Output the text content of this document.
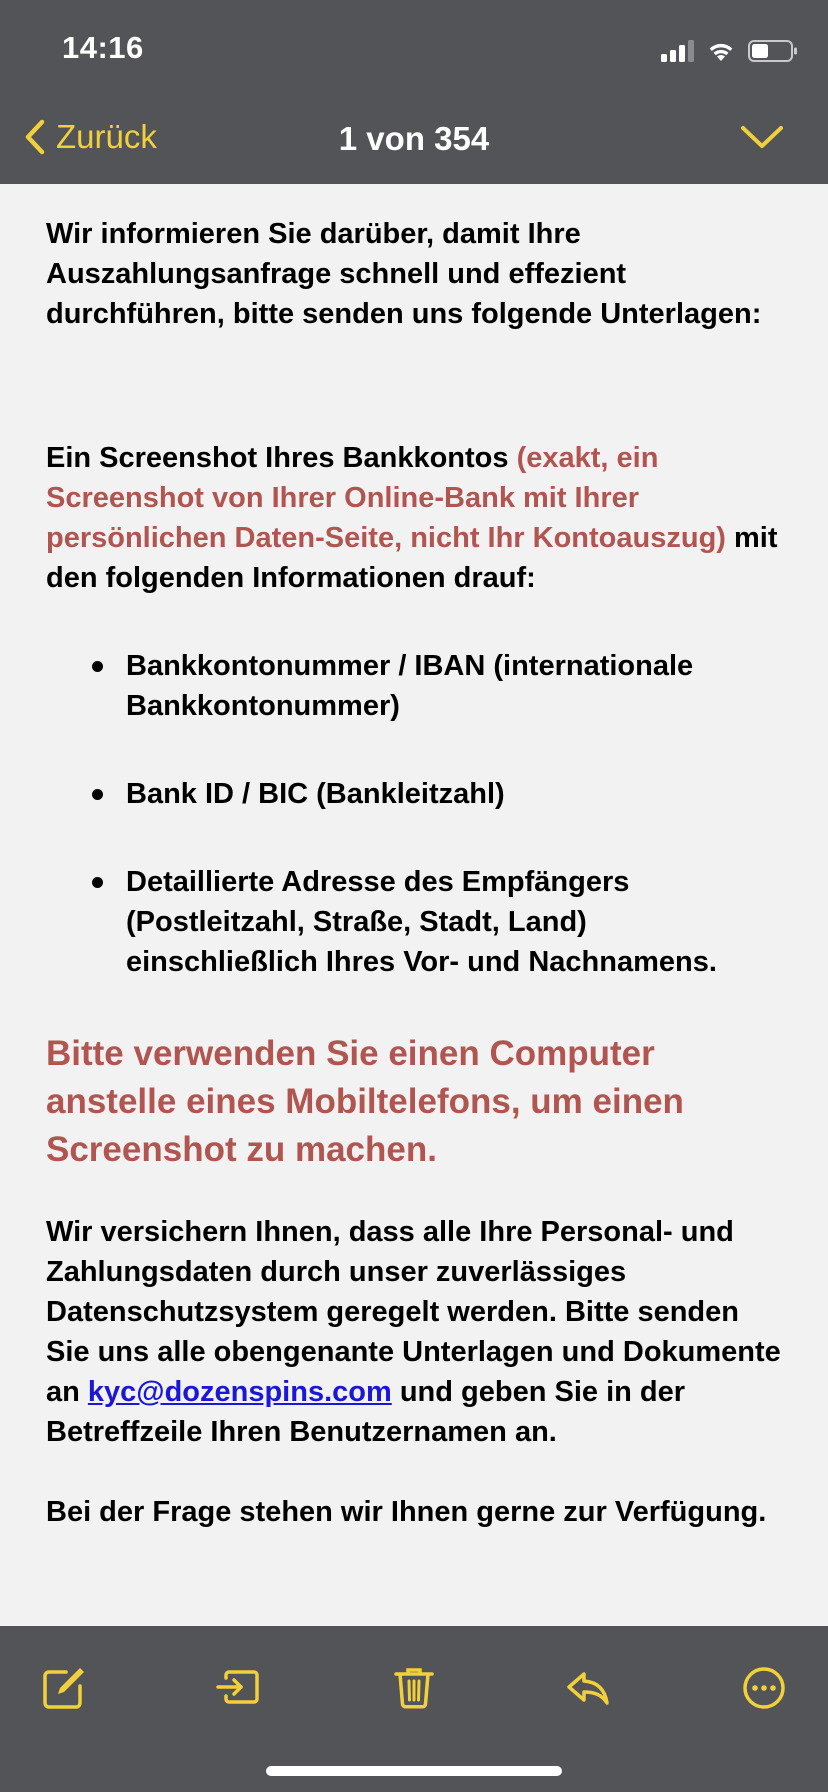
14:16
Zurück	1 von 354

Wir informieren Sie darüber, damit Ihre Auszahlungsanfrage schnell und effezient durchführen, bitte senden uns folgende Unterlagen:

Ein Screenshot Ihres Bankkontos (exakt, ein Screenshot von Ihrer Online-Bank mit Ihrer persönlichen Daten-Seite, nicht Ihr Kontoauszug) mit den folgenden Informationen drauf:

Bankkontonummer / IBAN (internationale Bankkontonummer)
Bank ID / BIC (Bankleitzahl)
Detaillierte Adresse des Empfängers (Postleitzahl, Straße, Stadt, Land) einschließlich Ihres Vor- und Nachnamens.

Bitte verwenden Sie einen Computer anstelle eines Mobiltelefons, um einen Screenshot zu machen.

Wir versichern Ihnen, dass alle Ihre Personal- und Zahlungsdaten durch unser zuverlässiges Datenschutzsystem geregelt werden. Bitte senden Sie uns alle obengenante Unterlagen und Dokumente an kyc@dozenspins.com und geben Sie in der Betreffzeile Ihren Benutzernamen an.

Bei der Frage stehen wir Ihnen gerne zur Verfügung.
